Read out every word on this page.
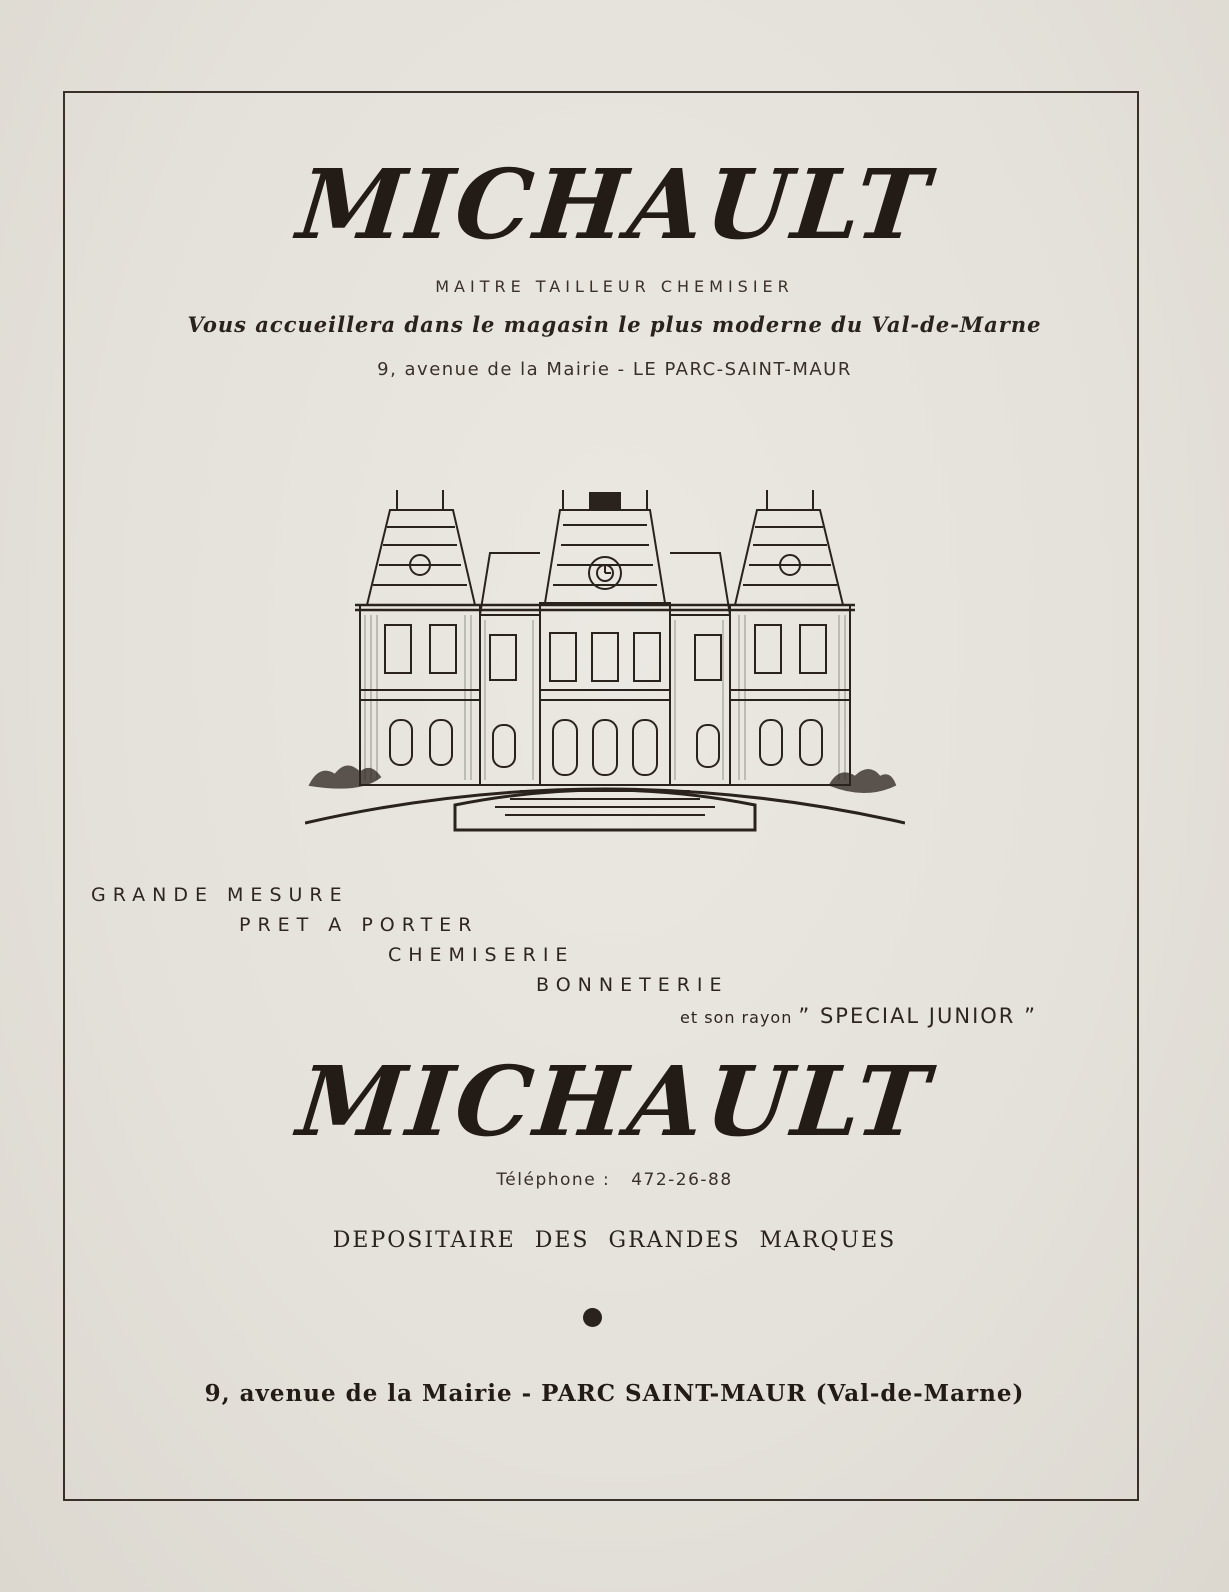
MICHAULT
MAITRE TAILLEUR CHEMISIER
Vous accueillera dans le magasin le plus moderne du Val-de-Marne
9, avenue de la Mairie - LE PARC-SAINT-MAUR
GRANDE MESURE
PRET A PORTER
CHEMISERIE
BONNETERIE
et son rayon ” SPECIAL JUNIOR ”
MICHAULT
Téléphone : 472-26-88
DEPOSITAIRE DES GRANDES MARQUES
9, avenue de la Mairie - PARC SAINT-MAUR (Val-de-Marne)
